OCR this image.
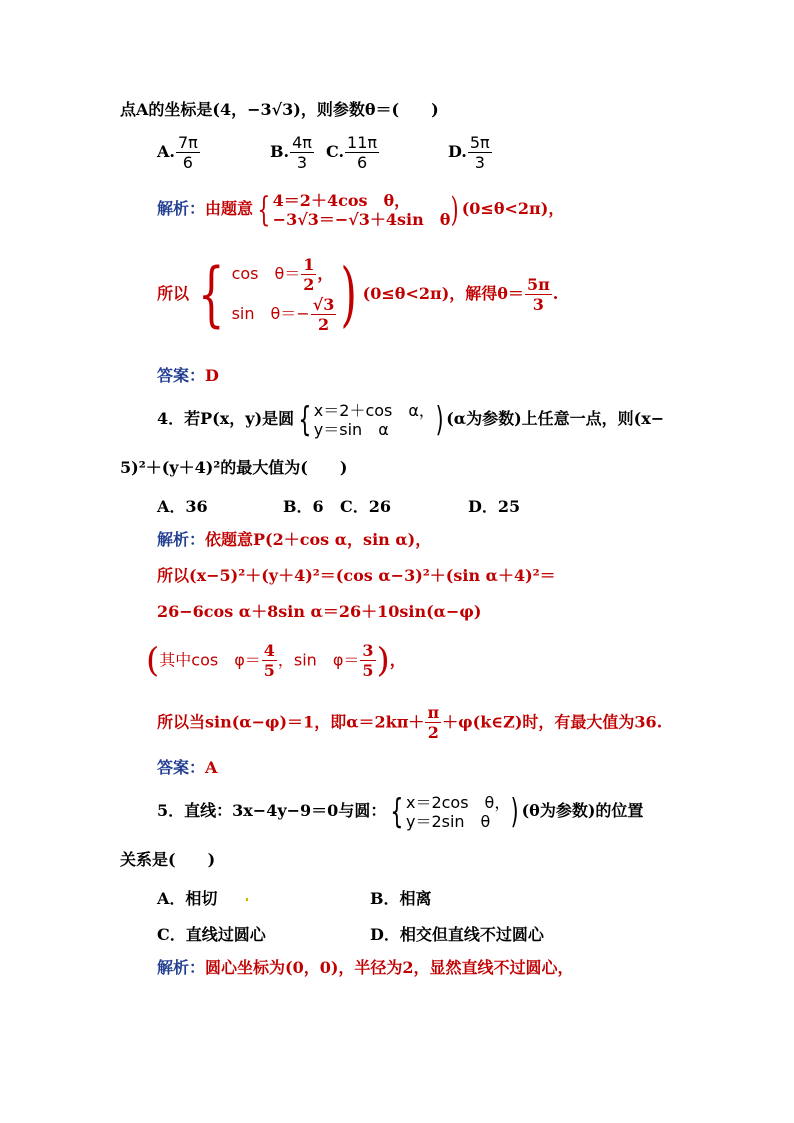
点A的坐标是(4，−3√3)，则参数θ＝(　　)
A. $\frac{7\pi}{6}$	B. $\frac{4\pi}{3} C$. $\frac{11\pi}{6}$	D. $\frac{5\pi}{3}$
解析：由题意 { 4＝2＋4cos　θ，
−3√3＝−√3＋4sin　θ ) (0≤θ<2π)，
所以 { cos　$\theta= \frac{1}{2}$ ，
sin　$\theta=- \frac{√3}{2}$ ) (0≤θ<2π)，解得$\theta= \frac{5\pi}{3}$ .
答案：D
4．若P(x，y)是圆 { x＝2＋cos　α，
y＝sin　α	) (α为参数)上任意一点，则(x−
5)²＋(y＋4)²的最大值为(　　)
A．36	B．6 C．26	D．25
解析：依题意P(2＋cos α，sin α)，
所以(x−5)²＋(y＋4)²＝(cos α−3)²＋(sin α＋4)²＝
26−6cos α＋8sin α＝26＋10sin(α−φ)
(其中cos　$\varphi= \frac{4}{5}$ ，sin　$\varphi= \frac{3}{5}$ )，
所以当sin(α−φ)＝1，即$\alpha=2k\pi+ \frac{\pi}{2}$ ＋φ(k∈Z)时，有最大值为36.
答案：A
5．直线：3x−4y−9＝0与圆： { x＝2cos　θ，
y＝2sin　θ ) (θ为参数)的位置
关系是(　　)
A．相切	B．相离
C．直线过圆心	D．相交但直线不过圆心
解析：圆心坐标为(0，0)，半径为2，显然直线不过圆心，
